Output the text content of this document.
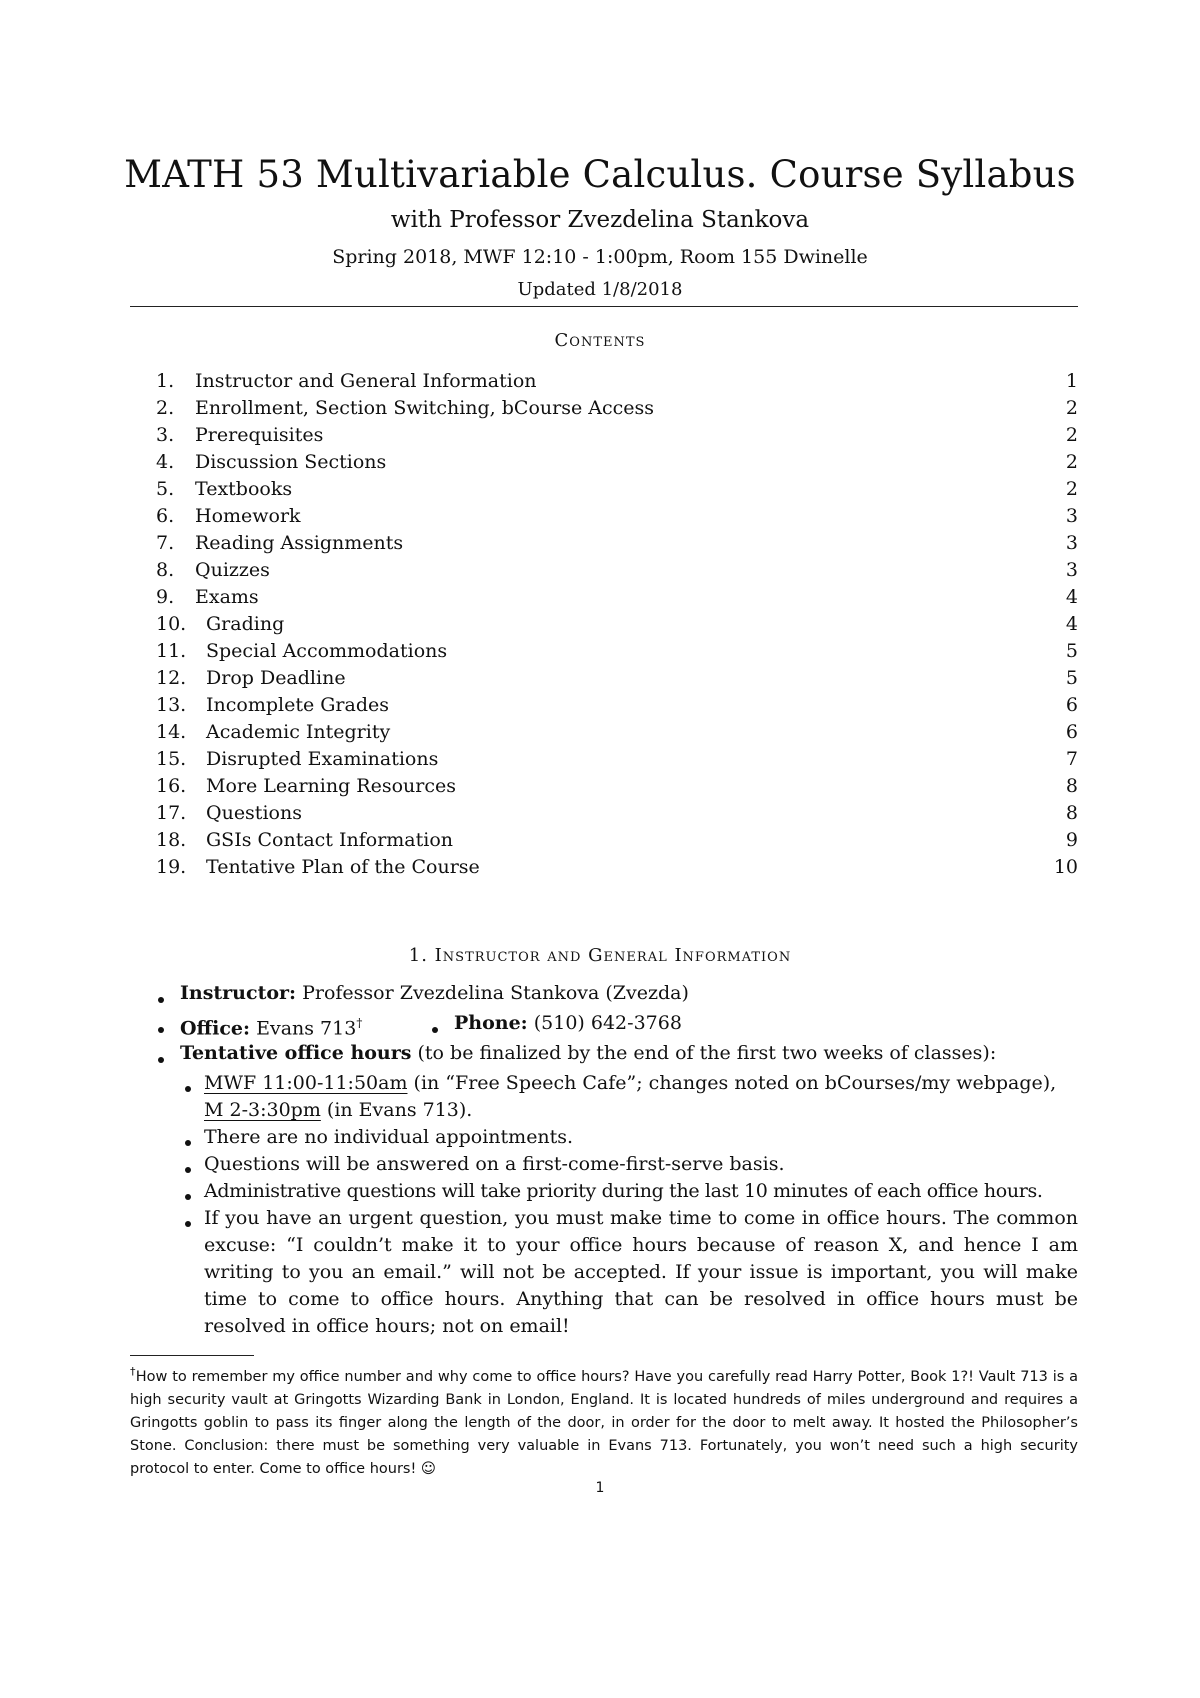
MATH 53 Multivariable Calculus. Course Syllabus
with Professor Zvezdelina Stankova
Spring 2018, MWF 12:10 - 1:00pm, Room 155 Dwinelle
Updated 1/8/2018
Contents
1. Instructor and General Information	1
2. Enrollment, Section Switching, bCourse Access	2
3. Prerequisites	2
4. Discussion Sections	2
5. Textbooks	2
6. Homework	3
7. Reading Assignments	3
8. Quizzes	3
9. Exams	4
10. Grading	4
11. Special Accommodations	5
12. Drop Deadline	5
13. Incomplete Grades	6
14. Academic Integrity	6
15. Disrupted Examinations	7
16. More Learning Resources	8
17. Questions	8
18. GSIs Contact Information	9
19. Tentative Plan of the Course	10
1. Instructor and General Information
Instructor: Professor Zvezdelina Stankova (Zvezda)
Office: Evans 713†	Phone: (510) 642-3768
Tentative office hours (to be finalized by the end of the first two weeks of classes):
MWF 11:00-11:50am (in “Free Speech Cafe”; changes noted on bCourses/my webpage),
M 2-3:30pm (in Evans 713).
There are no individual appointments.
Questions will be answered on a first-come-first-serve basis.
Administrative questions will take priority during the last 10 minutes of each office hours.
If you have an urgent question, you must make time to come in office hours. The common excuse: “I couldn’t make it to your office hours because of reason X, and hence I am writing to you an email.” will not be accepted. If your issue is important, you will make time to come to office hours. Anything that can be resolved in office hours must be resolved in office hours; not on email!
†How to remember my office number and why come to office hours? Have you carefully read Harry Potter, Book 1?! Vault 713 is a high security vault at Gringotts Wizarding Bank in London, England. It is located hundreds of miles underground and requires a Gringotts goblin to pass its finger along the length of the door, in order for the door to melt away. It hosted the Philosopher’s Stone. Conclusion: there must be something very valuable in Evans 713. Fortunately, you won’t need such a high security protocol to enter. Come to office hours! ☺
1
